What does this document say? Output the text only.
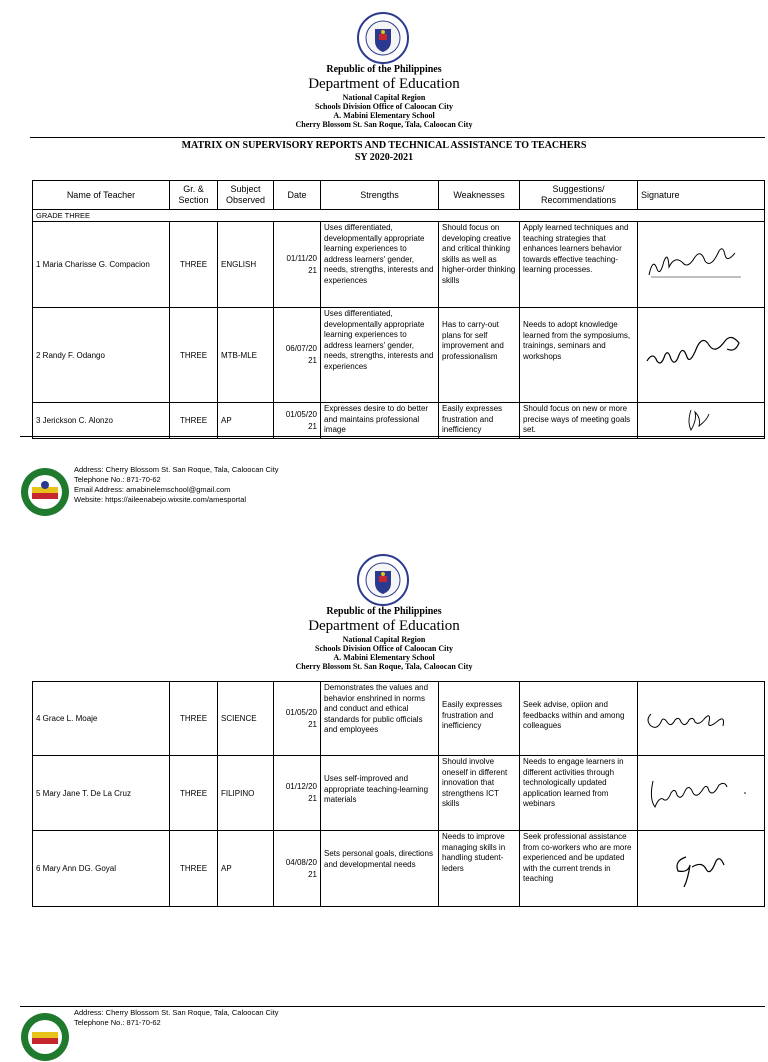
Republic of the Philippines
Department of Education
National Capital Region
Schools Division Office of Caloocan City
A. Mabini Elementary School
Cherry Blossom St. San Roque, Tala, Caloocan City
MATRIX ON SUPERVISORY REPORTS AND TECHNICAL ASSISTANCE TO TEACHERS
SY 2020-2021
Name of Teacher	Gr. & Section	Subject Observed	Date	Strengths	Weaknesses	Suggestions/ Recommendations	Signature
GRADE THREE							
1 Maria Charisse G. Compacion	THREE	ENGLISH	01/11/20 21	Uses differentiated, developmentally appropriate learning experiences to address learners' gender, needs, strengths, interests and experiences	Should focus on developing creative and critical thinking skills as well as higher-order thinking skills	Apply learned techniques and teaching strategies that enhances learners behavior towards effective teaching-learning processes.	

2 Randy F. Odango	THREE	MTB-MLE	06/07/20 21	Uses differentiated, developmentally appropriate learning experiences to address learners' gender, needs, strengths, interests and experiences	Has to carry-out plans for self improvement and professionalism	Needs to adopt knowledge learned from the symposiums, trainings, seminars and workshops	

3 Jerickson C. Alonzo	THREE	AP	01/05/20 21	Expresses desire to do better and maintains professional image	Easily expresses frustration and inefficiency	Should focus on new or more precise ways of meeting goals set.	
Address: Cherry Blossom St. San Roque, Tala, Caloocan City
Telephone No.: 871-70-62
Email Address: amabinelemschool@gmail.com
Website: https://aileenabejo.wixsite.com/amesportal
Republic of the Philippines
Department of Education
National Capital Region
Schools Division Office of Caloocan City
A. Mabini Elementary School
Cherry Blossom St. San Roque, Tala, Caloocan City
4 Grace L. Moaje	THREE	SCIENCE	01/05/20 21	Demonstrates the values and behavior enshrined in norms and conduct and ethical standards for public officials and employees	Easily expresses frustration and inefficiency	Seek advise, opiion and feedbacks within and among colleagues	

5 Mary Jane T. De La Cruz	THREE	FILIPINO	01/12/20 21	Uses self-improved and appropriate teaching-learning materials	Should involve oneself in different innovation that strengthens ICT skills	Needs to engage learners in different activities through technologically updated application learned from webinars	

6 Mary Ann DG. Goyal	THREE	AP	04/08/20 21	Sets personal goals, directions and developmental needs	Needs to improve managing skills in handling student-leders	Seek professional assistance from co-workers who are more experienced and be updated with the current trends in teaching	
Address: Cherry Blossom St. San Roque, Tala, Caloocan City
Telephone No.: 871-70-62
